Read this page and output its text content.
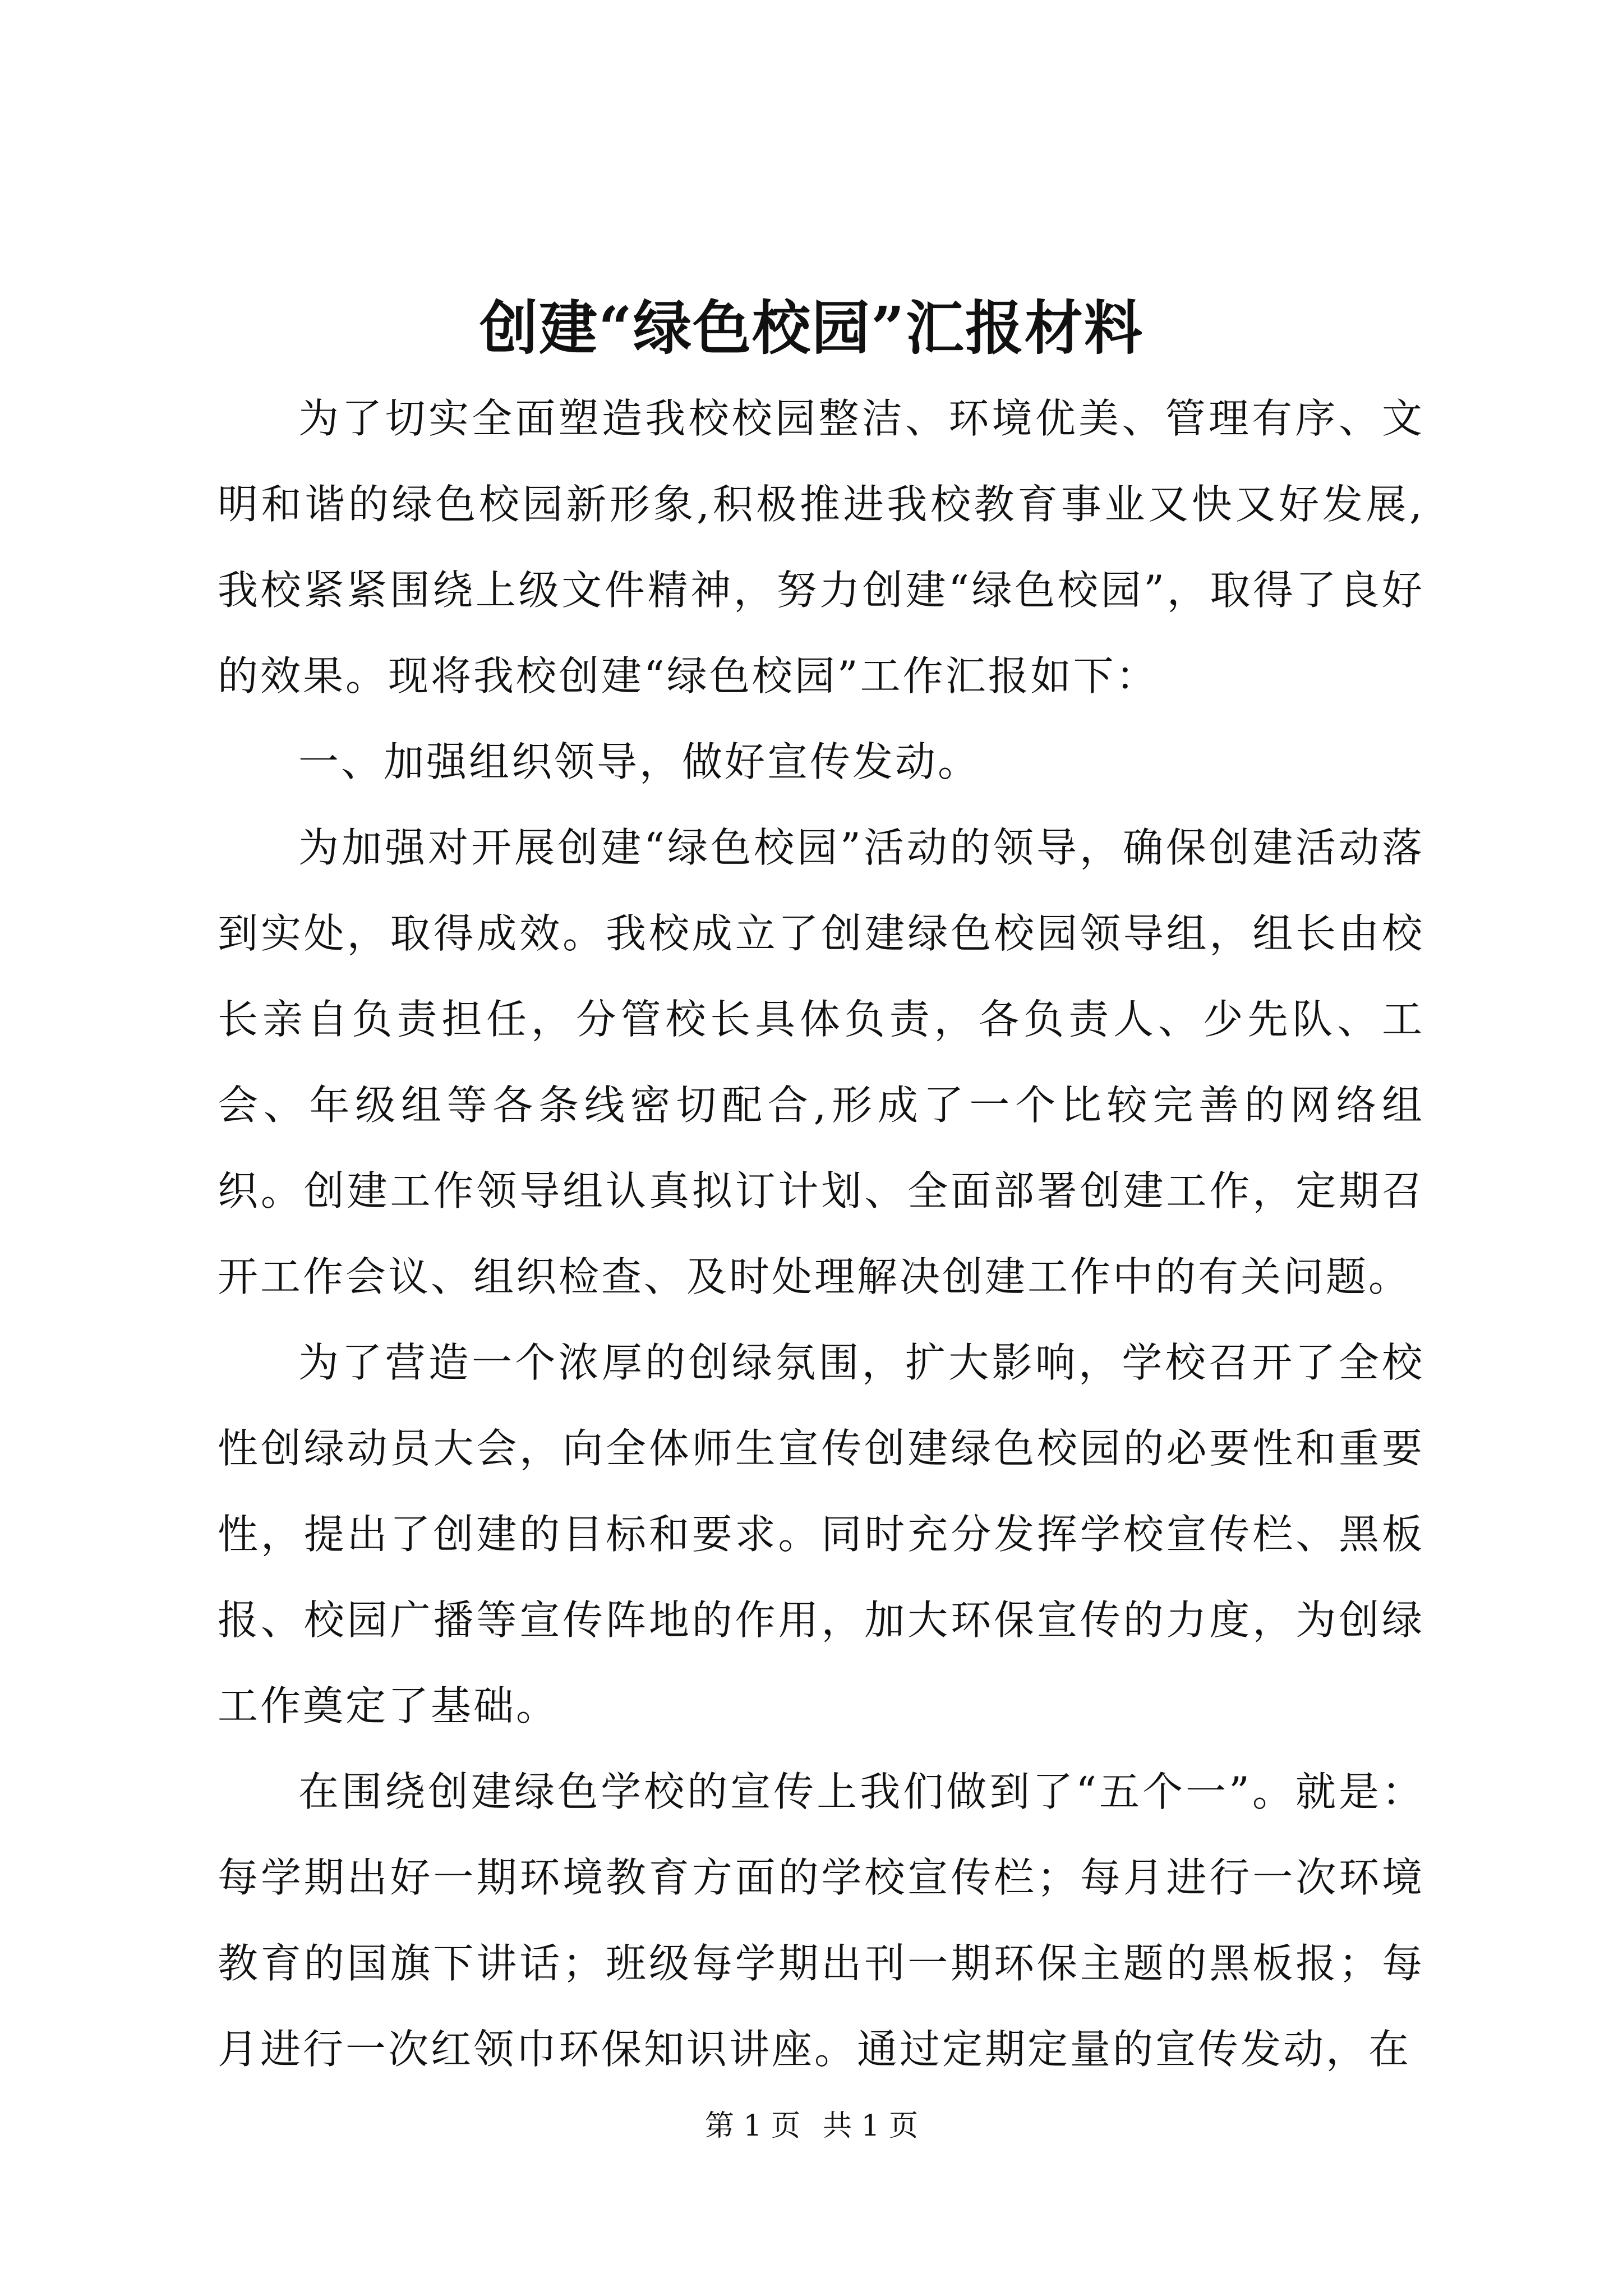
创建“绿色校园”汇报材料

为了切实全面塑造我校校园整洁、环境优美、管理有序、文明和谐的绿色校园新形象,积极推进我校教育事业又快又好发展,我校紧紧围绕上级文件精神，努力创建“绿色校园”，取得了良好的效果。现将我校创建“绿色校园”工作汇报如下：

一、加强组织领导，做好宣传发动。

为加强对开展创建“绿色校园”活动的领导，确保创建活动落到实处，取得成效。我校成立了创建绿色校园领导组，组长由校长亲自负责担任，分管校长具体负责，各负责人、少先队、工会、年级组等各条线密切配合,形成了一个比较完善的网络组织。创建工作领导组认真拟订计划、全面部署创建工作，定期召开工作会议、组织检查、及时处理解决创建工作中的有关问题。

为了营造一个浓厚的创绿氛围，扩大影响，学校召开了全校性创绿动员大会，向全体师生宣传创建绿色校园的必要性和重要性，提出了创建的目标和要求。同时充分发挥学校宣传栏、黑板报、校园广播等宣传阵地的作用，加大环保宣传的力度，为创绿工作奠定了基础。

在围绕创建绿色学校的宣传上我们做到了“五个一”。就是：每学期出好一期环境教育方面的学校宣传栏；每月进行一次环境教育的国旗下讲话；班级每学期出刊一期环保主题的黑板报；每月进行一次红领巾环保知识讲座。通过定期定量的宣传发动，在

第 1 页 共 1 页
